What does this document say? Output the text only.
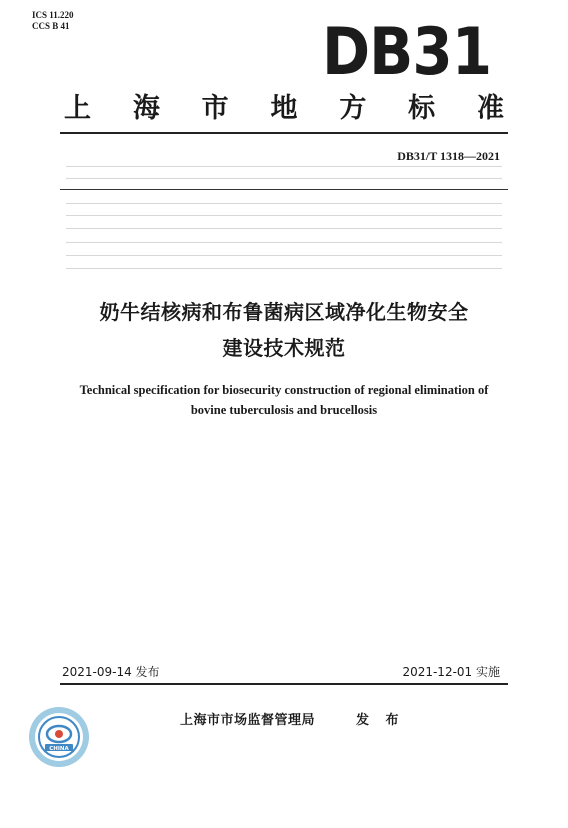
ICS 11.220
CCS B 41	DB31
上 海 市 地 方 标 准
DB31/T 1318—2021
奶牛结核病和布鲁菌病区域净化生物安全
建设技术规范
Technical specification for biosecurity construction of regional elimination of
bovine tuberculosis and brucellosis
2021-09-14 发布	2021-12-01 实施
上海市市场监督管理局	发 布
CHINA
